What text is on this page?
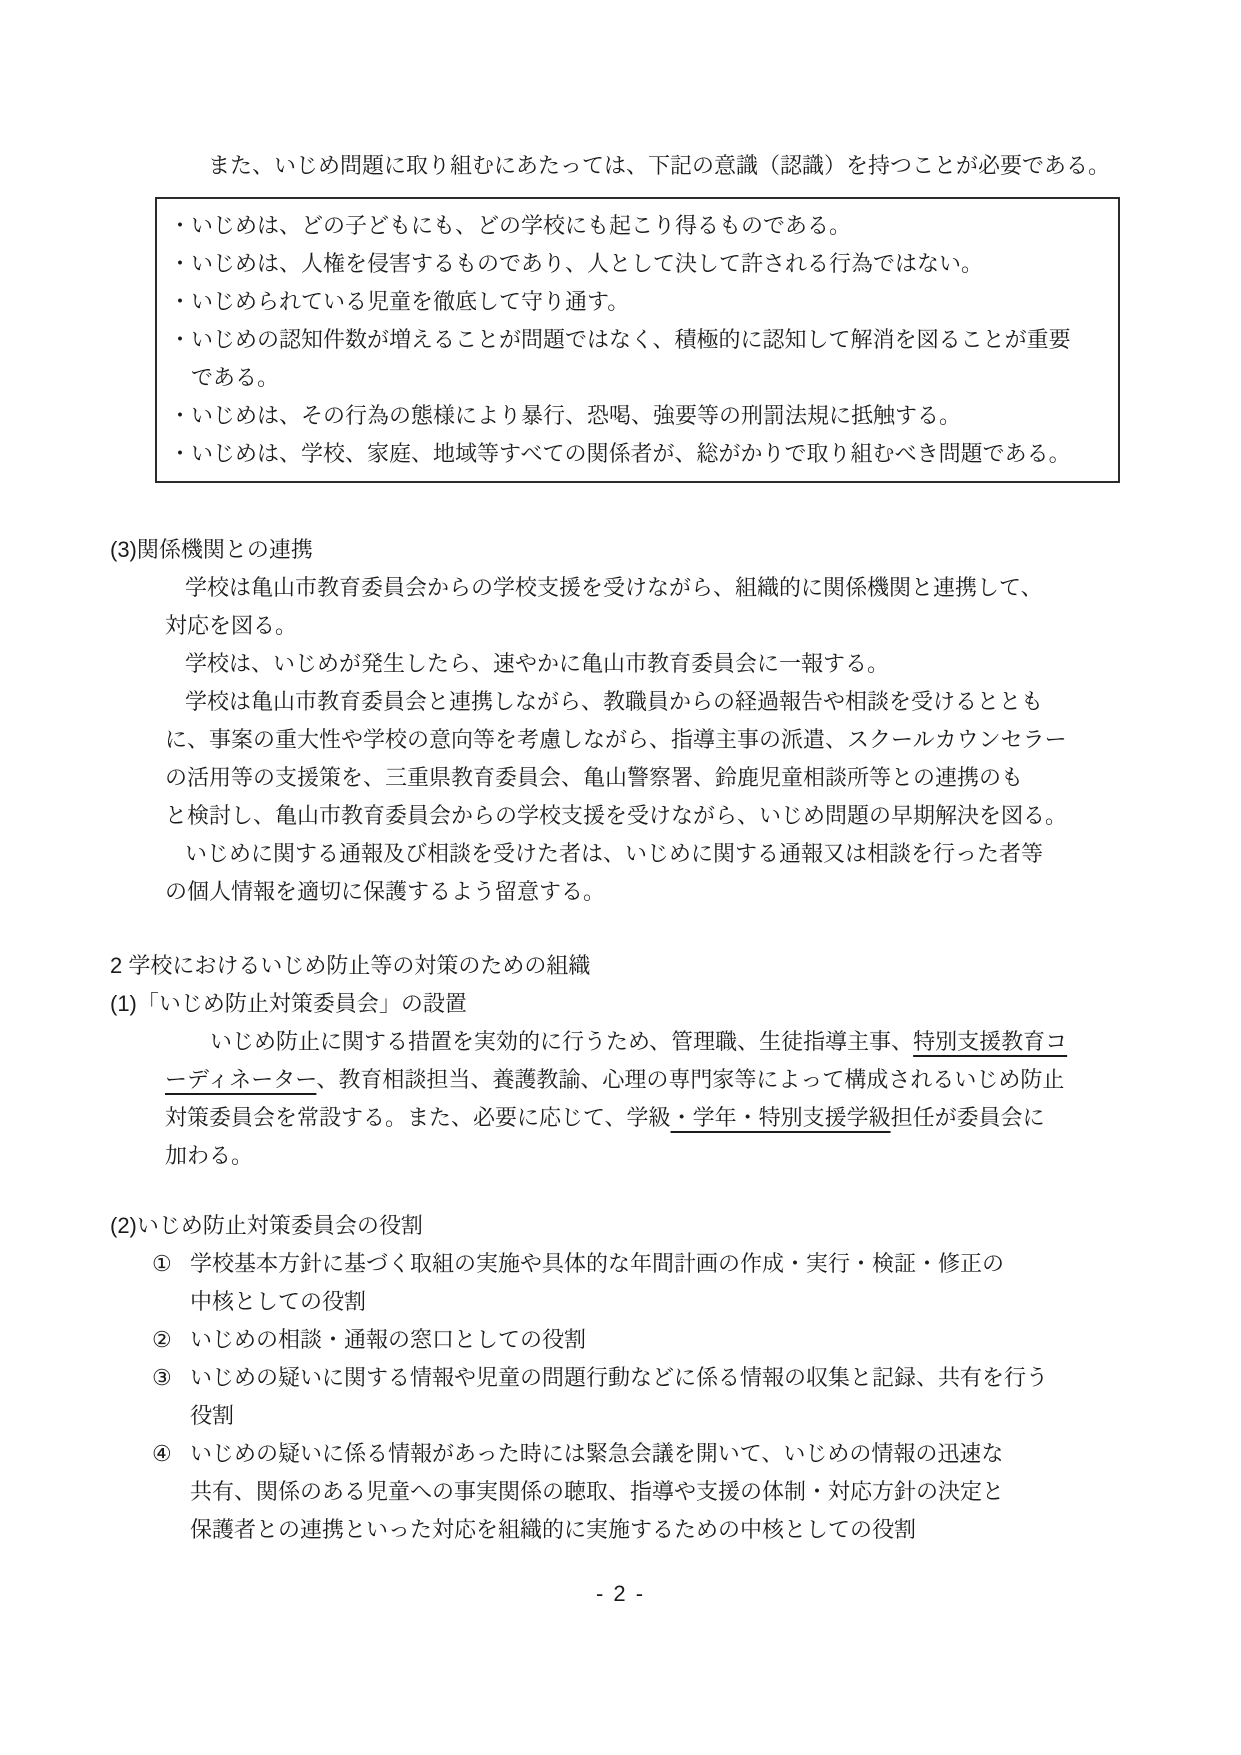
また、いじめ問題に取り組むにあたっては、下記の意識（認識）を持つことが必要である。
・いじめは、どの子どもにも、どの学校にも起こり得るものである。
・いじめは、人権を侵害するものであり、人として決して許される行為ではない。
・いじめられている児童を徹底して守り通す。
・いじめの認知件数が増えることが問題ではなく、積極的に認知して解消を図ることが重要
である。
・いじめは、その行為の態様により暴行、恐喝、強要等の刑罰法規に抵触する。
・いじめは、学校、家庭、地域等すべての関係者が、総がかりで取り組むべき問題である。
(3)関係機関との連携
学校は亀山市教育委員会からの学校支援を受けながら、組織的に関係機関と連携して、
対応を図る。
学校は、いじめが発生したら、速やかに亀山市教育委員会に一報する。
学校は亀山市教育委員会と連携しながら、教職員からの経過報告や相談を受けるととも
に、事案の重大性や学校の意向等を考慮しながら、指導主事の派遣、スクールカウンセラー
の活用等の支援策を、三重県教育委員会、亀山警察署、鈴鹿児童相談所等との連携のも
と検討し、亀山市教育委員会からの学校支援を受けながら、いじめ問題の早期解決を図る。
いじめに関する通報及び相談を受けた者は、いじめに関する通報又は相談を行った者等
の個人情報を適切に保護するよう留意する。
2 学校におけるいじめ防止等の対策のための組織
(1)「いじめ防止対策委員会」の設置
いじめ防止に関する措置を実効的に行うため、管理職、生徒指導主事、特別支援教育コ
ーディネーター、教育相談担当、養護教諭、心理の専門家等によって構成されるいじめ防止
対策委員会を常設する。また、必要に応じて、学級・学年・特別支援学級担任が委員会に
加わる。
(2)いじめ防止対策委員会の役割
① 学校基本方針に基づく取組の実施や具体的な年間計画の作成・実行・検証・修正の
中核としての役割
② いじめの相談・通報の窓口としての役割
③ いじめの疑いに関する情報や児童の問題行動などに係る情報の収集と記録、共有を行う
役割
④ いじめの疑いに係る情報があった時には緊急会議を開いて、いじめの情報の迅速な
共有、関係のある児童への事実関係の聴取、指導や支援の体制・対応方針の決定と
保護者との連携といった対応を組織的に実施するための中核としての役割
- 2 -
